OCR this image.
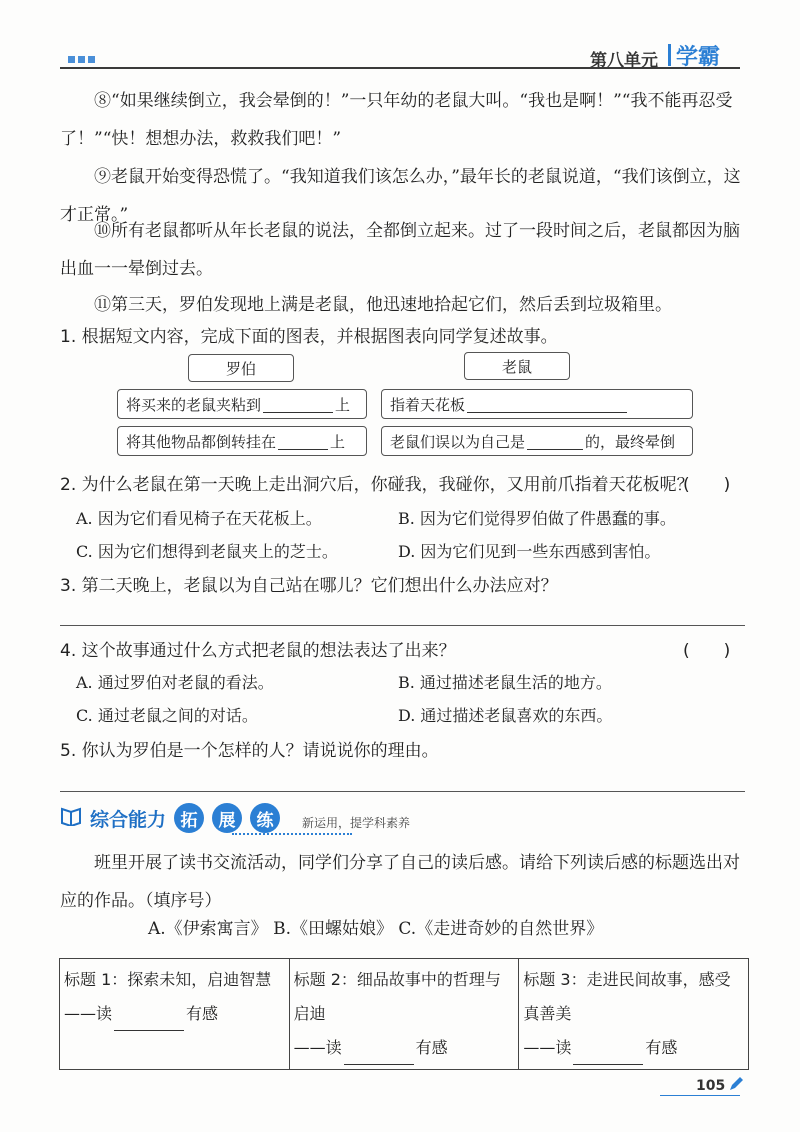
第八单元 学霸
⑧“如果继续倒立，我会晕倒的！”一只年幼的老鼠大叫。“我也是啊！”“我不能再忍受了！”“快！想想办法，救救我们吧！”
⑨老鼠开始变得恐慌了。“我知道我们该怎么办，”最年长的老鼠说道，“我们该倒立，这才正常。”
⑩所有老鼠都听从年长老鼠的说法，全都倒立起来。过了一段时间之后，老鼠都因为脑出血一一晕倒过去。
⑪第三天，罗伯发现地上满是老鼠，他迅速地拾起它们，然后丢到垃圾箱里。
1. 根据短文内容，完成下面的图表，并根据图表向同学复述故事。
罗伯	老鼠
将买来的老鼠夹粘到	上
将其他物品都倒转挂在	上
指着天花板
老鼠们误以为自己是	的，最终晕倒
2. 为什么老鼠在第一天晚上走出洞穴后，你碰我，我碰你，又用前爪指着天花板呢？
(　　)
A. 因为它们看见椅子在天花板上。	B. 因为它们觉得罗伯做了件愚蠢的事。
C. 因为它们想得到老鼠夹上的芝士。	D. 因为它们见到一些东西感到害怕。
3. 第二天晚上，老鼠以为自己站在哪儿？它们想出什么办法应对？
4. 这个故事通过什么方式把老鼠的想法表达了出来？	(　　)
A. 通过罗伯对老鼠的看法。	B. 通过描述老鼠生活的地方。
C. 通过老鼠之间的对话。	D. 通过描述老鼠喜欢的东西。
5. 你认为罗伯是一个怎样的人？请说说你的理由。
综合能力 拓	展	练	新运用，提学科素养
班里开展了读书交流活动，同学们分享了自己的读后感。请给下列读后感的标题选出对应的作品。（填序号）
A.《伊索寓言》 B.《田螺姑娘》 C.《走进奇妙的自然世界》
标题 1：探索未知，启迪智慧
——读	有感

标题 2：细品故事中的哲理与启迪
——读	有感

标题 3：走进民间故事，感受真善美
——读	有感
105
